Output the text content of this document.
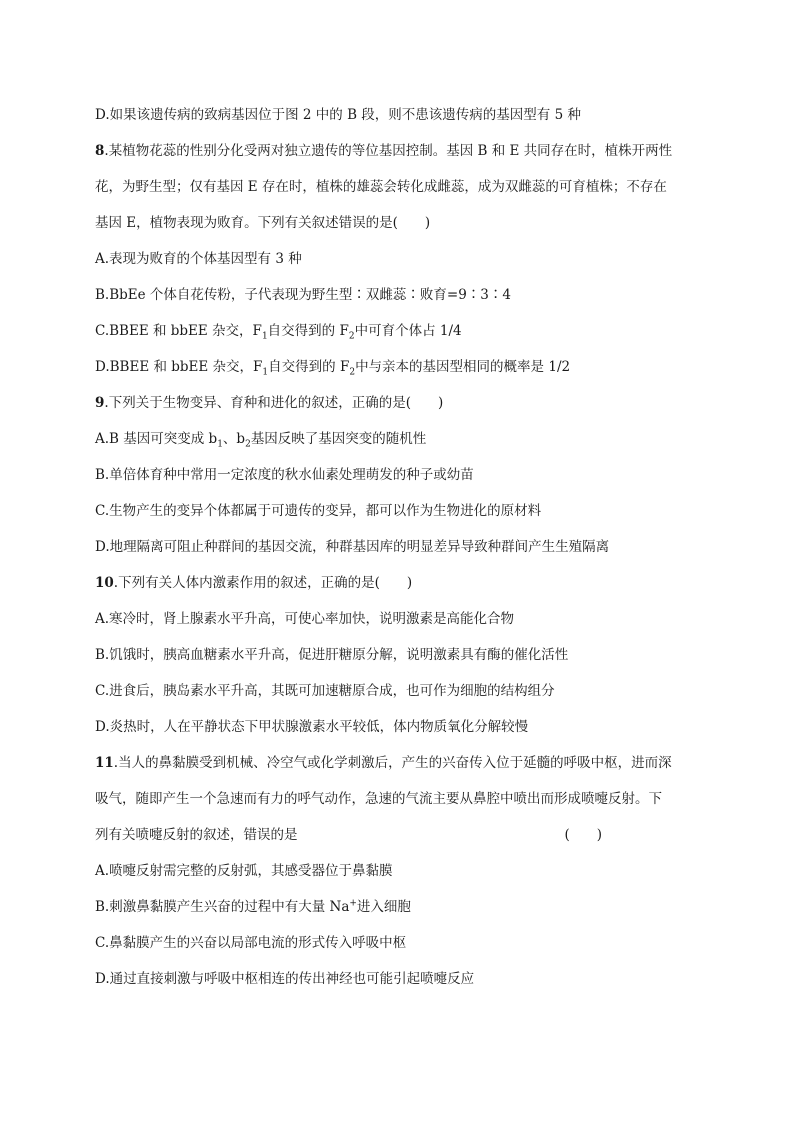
D.如果该遗传病的致病基因位于图 2 中的 B 段，则不患该遗传病的基因型有 5 种
8.某植物花蕊的性别分化受两对独立遗传的等位基因控制。基因 B 和 E 共同存在时，植株开两性
花，为野生型；仅有基因 E 存在时，植株的雄蕊会转化成雌蕊，成为双雌蕊的可育植株；不存在
基因 E，植物表现为败育。下列有关叙述错误的是(　　)
A.表现为败育的个体基因型有 3 种
B.BbEe 个体自花传粉，子代表现为野生型∶双雌蕊∶败育=9∶3∶4
C.BBEE 和 bbEE 杂交，$F_1$自交得到的 $F_2$中可育个体占 1/4
D.BBEE 和 bbEE 杂交，$F_1$自交得到的 $F_2$中与亲本的基因型相同的概率是 1/2
9.下列关于生物变异、育种和进化的叙述，正确的是(　　)
A.B 基因可突变成 $b_1$、$b_2$基因反映了基因突变的随机性
B.单倍体育种中常用一定浓度的秋水仙素处理萌发的种子或幼苗
C.生物产生的变异个体都属于可遗传的变异，都可以作为生物进化的原材料
D.地理隔离可阻止种群间的基因交流，种群基因库的明显差异导致种群间产生生殖隔离
10.下列有关人体内激素作用的叙述，正确的是(　　)
A.寒冷时，肾上腺素水平升高，可使心率加快，说明激素是高能化合物
B.饥饿时，胰高血糖素水平升高，促进肝糖原分解，说明激素具有酶的催化活性
C.进食后，胰岛素水平升高，其既可加速糖原合成，也可作为细胞的结构组分
D.炎热时，人在平静状态下甲状腺激素水平较低，体内物质氧化分解较慢
11.当人的鼻黏膜受到机械、冷空气或化学刺激后，产生的兴奋传入位于延髓的呼吸中枢，进而深
吸气，随即产生一个急速而有力的呼气动作，急速的气流主要从鼻腔中喷出而形成喷嚏反射。下
列有关喷嚏反射的叙述，错误的是	(　　)
A.喷嚏反射需完整的反射弧，其感受器位于鼻黏膜
B.刺激鼻黏膜产生兴奋的过程中有大量 Na+进入细胞
C.鼻黏膜产生的兴奋以局部电流的形式传入呼吸中枢
D.通过直接刺激与呼吸中枢相连的传出神经也可能引起喷嚏反应
